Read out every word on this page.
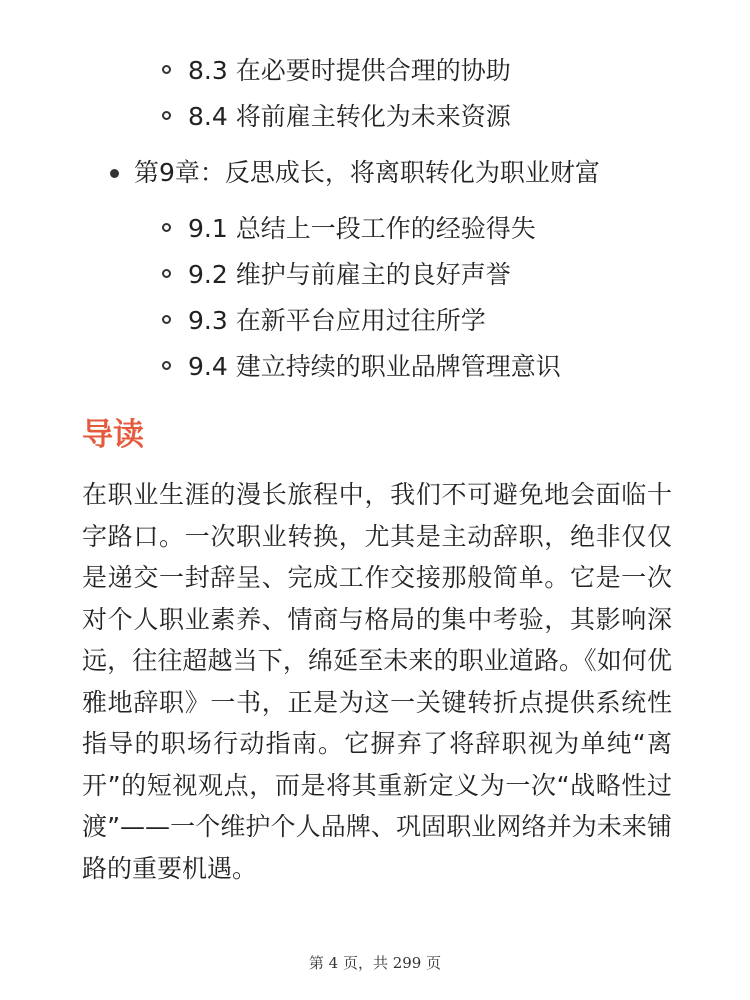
8.3 在必要时提供合理的协助
8.4 将前雇主转化为未来资源
第9章：反思成长，将离职转化为职业财富
9.1 总结上一段工作的经验得失
9.2 维护与前雇主的良好声誉
9.3 在新平台应用过往所学
9.4 建立持续的职业品牌管理意识
导读

在职业生涯的漫长旅程中，我们不可避免地会面临十字路口。一次职业转换，尤其是主动辞职，绝非仅仅是递交一封辞呈、完成工作交接那般简单。它是一次对个人职业素养、情商与格局的集中考验，其影响深远，往往超越当下，绵延至未来的职业道路。《如何优雅地辞职》一书，正是为这一关键转折点提供系统性指导的职场行动指南。它摒弃了将辞职视为单纯“离开”的短视观点，而是将其重新定义为一次“战略性过渡”——一个维护个人品牌、巩固职业网络并为未来铺路的重要机遇。

第 4 页，共 299 页
